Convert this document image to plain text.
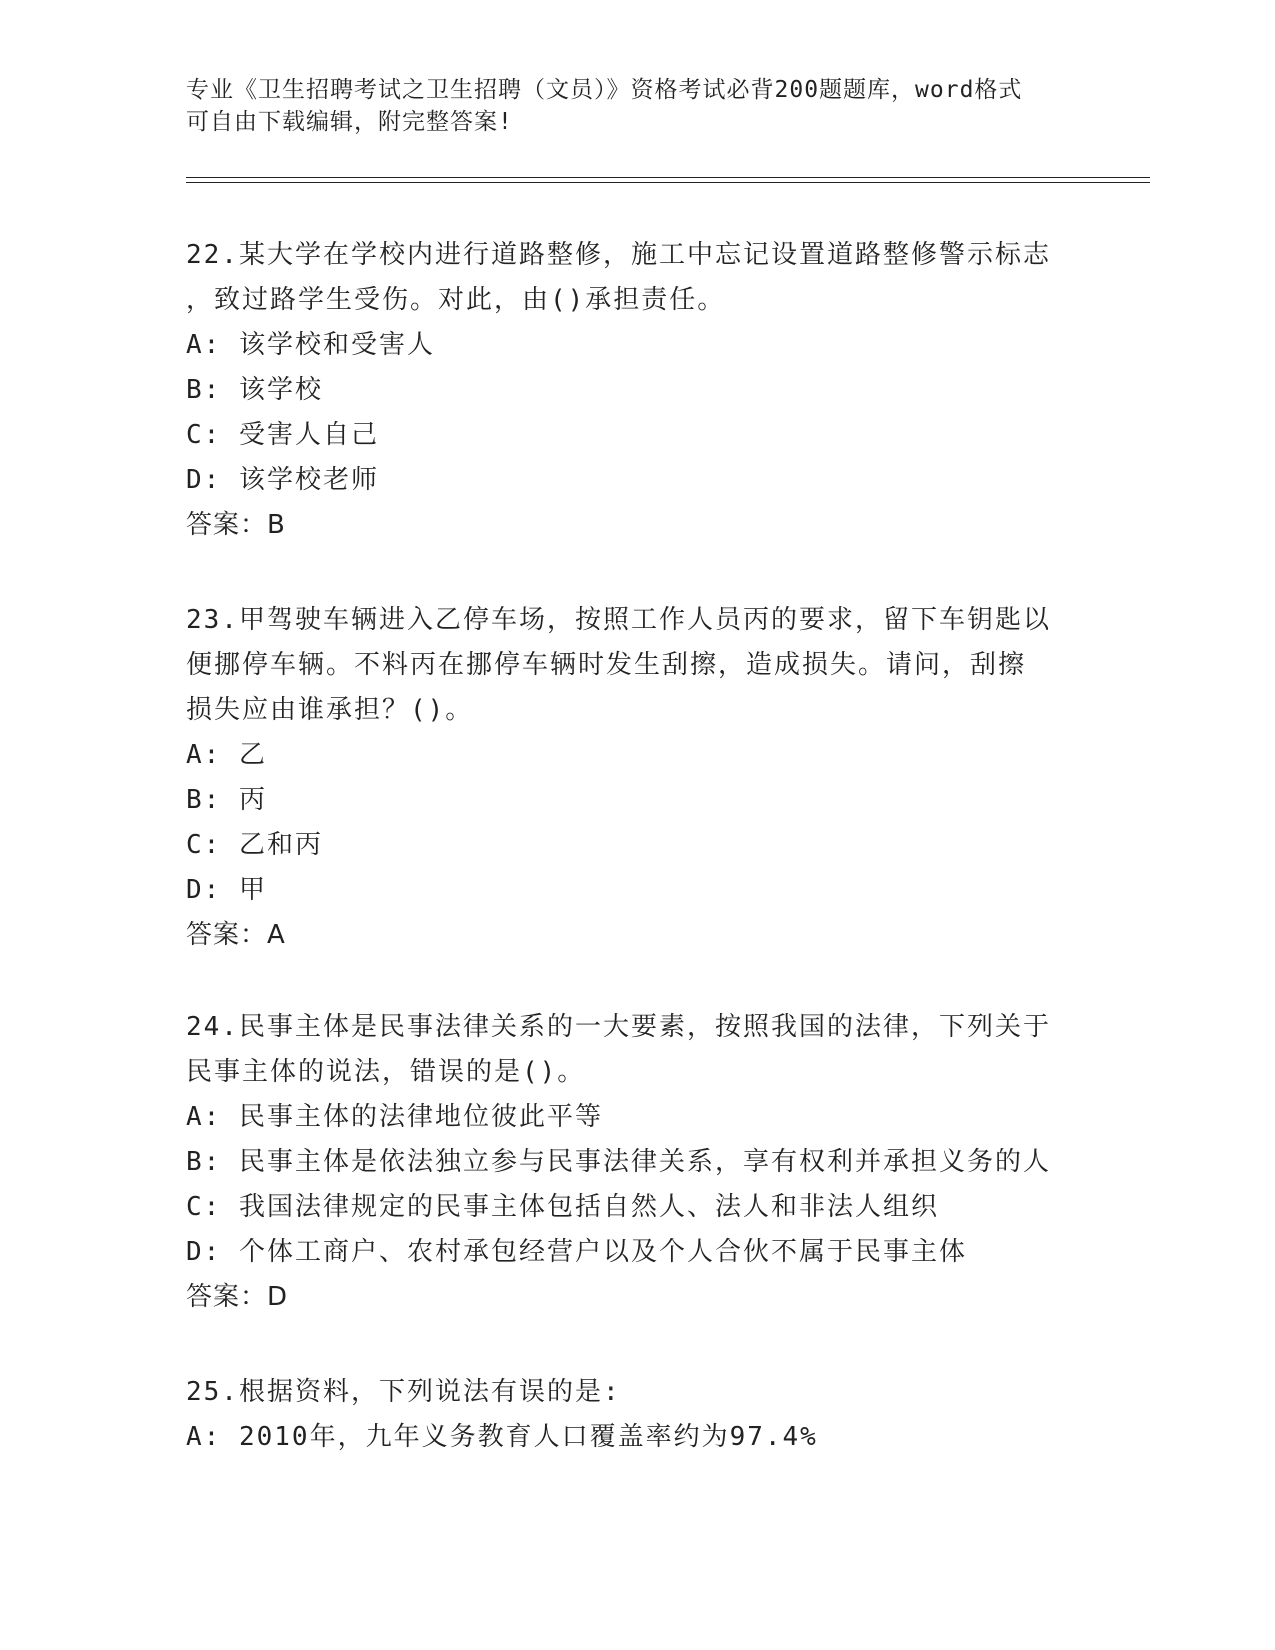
专业《卫生招聘考试之卫生招聘（文员）》资格考试必背200题题库，word格式
可自由下载编辑，附完整答案!
22.某大学在学校内进行道路整修，施工中忘记设置道路整修警示标志
，致过路学生受伤。对此，由()承担责任。
A: 该学校和受害人
B: 该学校
C: 受害人自己
D: 该学校老师
答案：B
23.甲驾驶车辆进入乙停车场，按照工作人员丙的要求，留下车钥匙以
便挪停车辆。不料丙在挪停车辆时发生刮擦，造成损失。请问，刮擦
损失应由谁承担？()。
A: 乙
B: 丙
C: 乙和丙
D: 甲
答案：A
24.民事主体是民事法律关系的一大要素，按照我国的法律，下列关于
民事主体的说法，错误的是()。
A: 民事主体的法律地位彼此平等
B: 民事主体是依法独立参与民事法律关系，享有权利并承担义务的人
C: 我国法律规定的民事主体包括自然人、法人和非法人组织
D: 个体工商户、农村承包经营户以及个人合伙不属于民事主体
答案：D
25.根据资料，下列说法有误的是:
A: 2010年，九年义务教育人口覆盖率约为97.4%
